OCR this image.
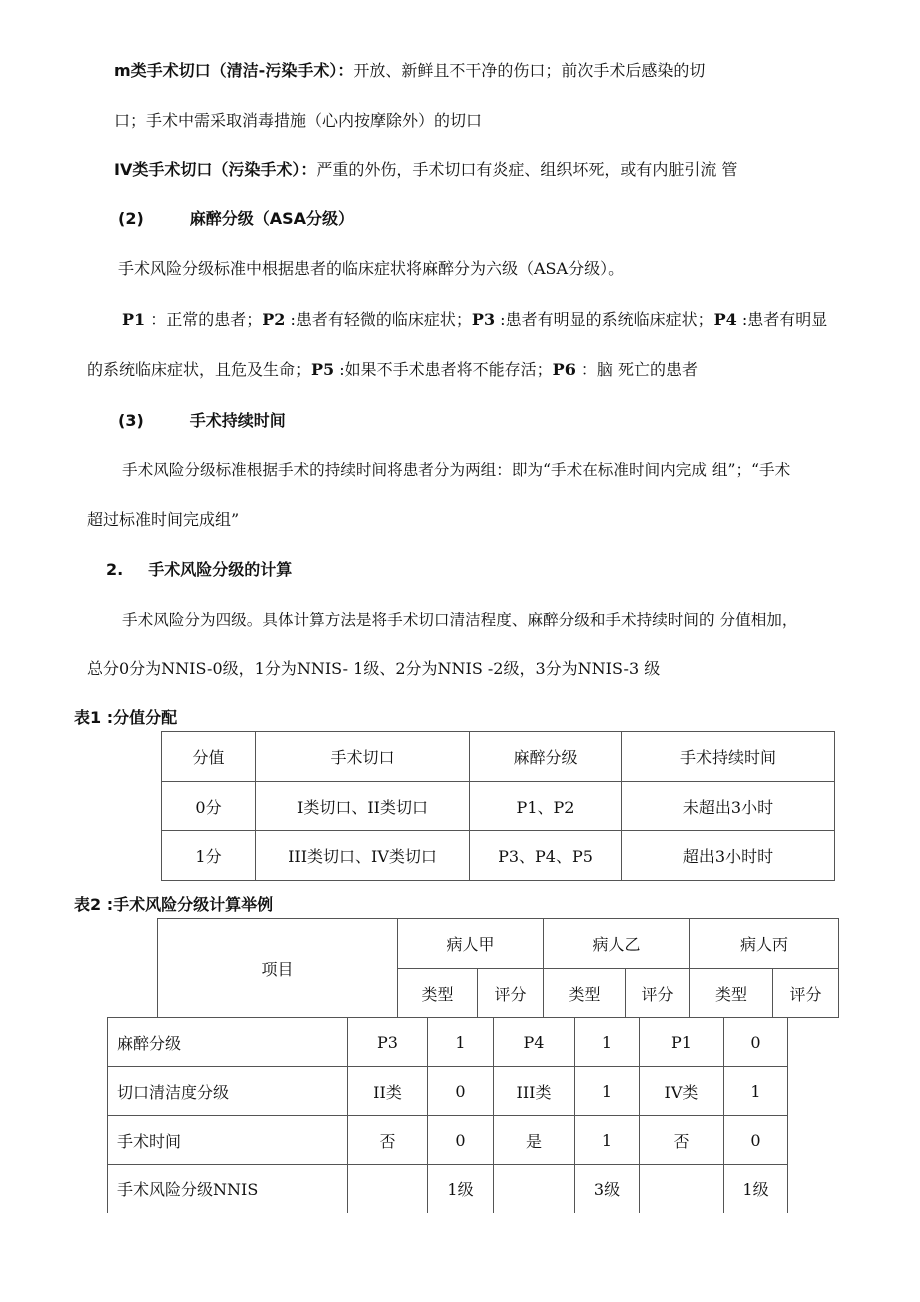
m类手术切口（清洁-污染手术）：开放、新鲜且不干净的伤口；前次手术后感染的切
口；手术中需采取消毒措施（心内按摩除外）的切口
IV类手术切口（污染手术）：严重的外伤，手术切口有炎症、组织坏死，或有内脏引流 管
(2)	麻醉分级（ASA分级）
手术风险分级标准中根据患者的临床症状将麻醉分为六级（ASA分级）。
P1 ：正常的患者；P2 :患者有轻微的临床症状；P3 :患者有明显的系统临床症状；P4 :患者有明显
的系统临床症状，且危及生命；P5 :如果不手术患者将不能存活；P6 ：脑 死亡的患者
(3)	手术持续时间
手术风险分级标准根据手术的持续时间将患者分为两组：即为“手术在标准时间内完成 组”；“手术
超过标准时间完成组”
2. 手术风险分级的计算
手术风险分为四级。具体计算方法是将手术切口清洁程度、麻醉分级和手术持续时间的 分值相加，
总分0分为NNIS-0级，1分为NNIS- 1级、2分为NNIS -2级，3分为NNIS-3 级
表1 :分值分配
分值	手术切口	麻醉分级	手术持续时间
0分	I类切口、II类切口	P1、P2	未超出3小时
1分	III类切口、IV类切口	P3、P4、P5	超出3小时时
表2 :手术风险分级计算举例
项目	病人甲		病人乙		病人丙	
	类型	评分	类型	评分	类型	评分
麻醉分级	P3	1	P4	1	P1	0
切口清洁度分级	II类	0	III类	1	IV类	1
手术时间	否	0	是	1	否	0
手术风险分级NNIS		1级		3级		1级
